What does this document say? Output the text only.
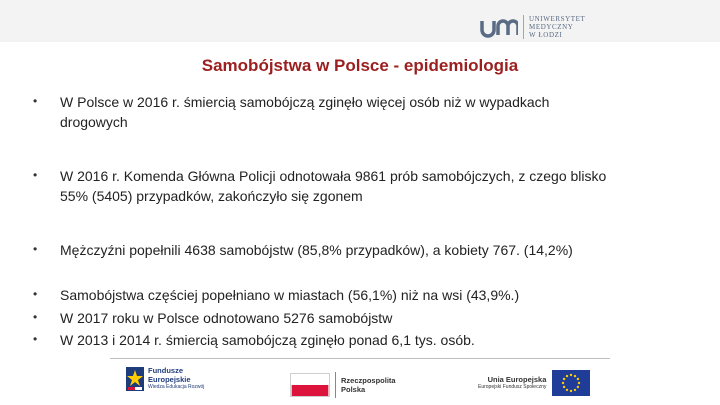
UNIWERSYTET
MEDYCZNY
W ŁODZI
Samobójstwa w Polsce - epidemiologia
• W Polsce w 2016 r. śmiercią samobójczą zginęło więcej osób niż w wypadkach drogowych
• W 2016 r. Komenda Główna Policji odnotowała 9861 prób samobójczych, z czego blisko 55% (5405) przypadków, zakończyło się zgonem
• Mężczyźni popełnili 4638 samobójstw (85,8% przypadków), a kobiety 767. (14,2%)
• Samobójstwa częściej popełniano w miastach (56,1%) niż na wsi (43,9%.)
• W 2017 roku w Polsce odnotowano 5276 samobójstw
• W 2013 i 2014 r. śmiercią samobójczą zginęło ponad 6,1 tys. osób.
Fundusze
Europejskie
Wiedza Edukacja Rozwój
Rzeczpospolita
Polska
Unia Europejska
Europejski Fundusz Społeczny
